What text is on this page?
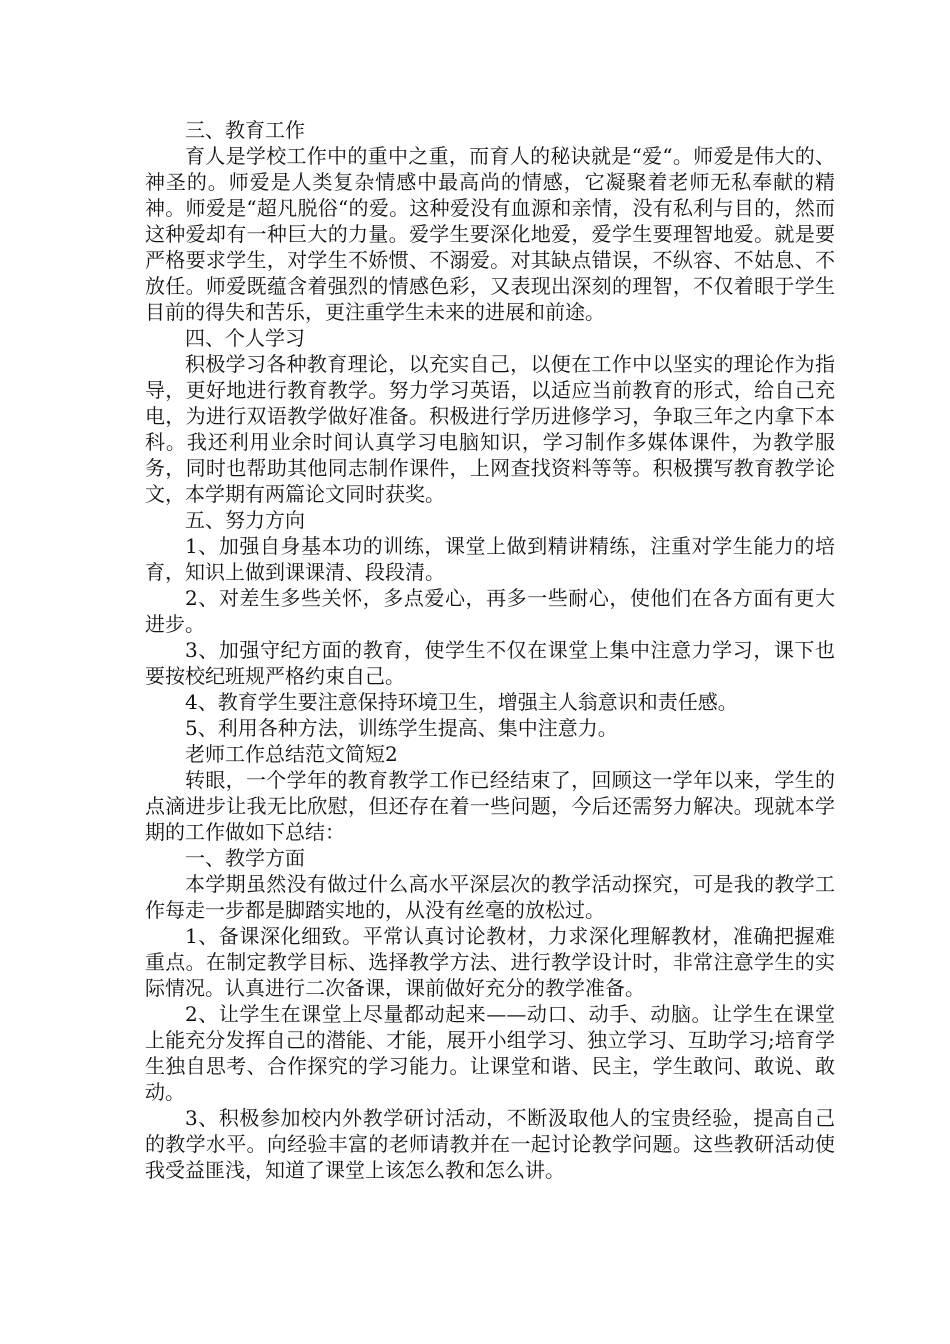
三、教育工作

育人是学校工作中的重中之重，而育人的秘诀就是“爱“。师爱是伟大的、神圣的。师爱是人类复杂情感中最高尚的情感，它凝聚着老师无私奉献的精神。师爱是“超凡脱俗“的爱。这种爱没有血源和亲情，没有私利与目的，然而这种爱却有一种巨大的力量。爱学生要深化地爱，爱学生要理智地爱。就是要严格要求学生，对学生不娇惯、不溺爱。对其缺点错误，不纵容、不姑息、不放任。师爱既蕴含着强烈的情感色彩，又表现出深刻的理智，不仅着眼于学生目前的得失和苦乐，更注重学生未来的进展和前途。

四、个人学习

积极学习各种教育理论，以充实自己，以便在工作中以坚实的理论作为指导，更好地进行教育教学。努力学习英语，以适应当前教育的形式，给自己充电，为进行双语教学做好准备。积极进行学历进修学习，争取三年之内拿下本科。我还利用业余时间认真学习电脑知识，学习制作多媒体课件，为教学服务，同时也帮助其他同志制作课件，上网查找资料等等。积极撰写教育教学论文，本学期有两篇论文同时获奖。

五、努力方向

1、加强自身基本功的训练，课堂上做到精讲精练，注重对学生能力的培育，知识上做到课课清、段段清。

2、对差生多些关怀，多点爱心，再多一些耐心，使他们在各方面有更大进步。

3、加强守纪方面的教育，使学生不仅在课堂上集中注意力学习，课下也要按校纪班规严格约束自己。

4、教育学生要注意保持环境卫生，增强主人翁意识和责任感。

5、利用各种方法，训练学生提高、集中注意力。

老师工作总结范文简短2

转眼，一个学年的教育教学工作已经结束了，回顾这一学年以来，学生的点滴进步让我无比欣慰，但还存在着一些问题，今后还需努力解决。现就本学期的工作做如下总结：

一、教学方面

本学期虽然没有做过什么高水平深层次的教学活动探究，可是我的教学工作每走一步都是脚踏实地的，从没有丝毫的放松过。

1、备课深化细致。平常认真讨论教材，力求深化理解教材，准确把握难重点。在制定教学目标、选择教学方法、进行教学设计时，非常注意学生的实际情况。认真进行二次备课，课前做好充分的教学准备。

2、让学生在课堂上尽量都动起来——动口、动手、动脑。让学生在课堂上能充分发挥自己的潜能、才能，展开小组学习、独立学习、互助学习;培育学生独自思考、合作探究的学习能力。让课堂和谐、民主，学生敢问、敢说、敢动。

3、积极参加校内外教学研讨活动，不断汲取他人的宝贵经验，提高自己的教学水平。向经验丰富的老师请教并在一起讨论教学问题。这些教研活动使我受益匪浅，知道了课堂上该怎么教和怎么讲。
